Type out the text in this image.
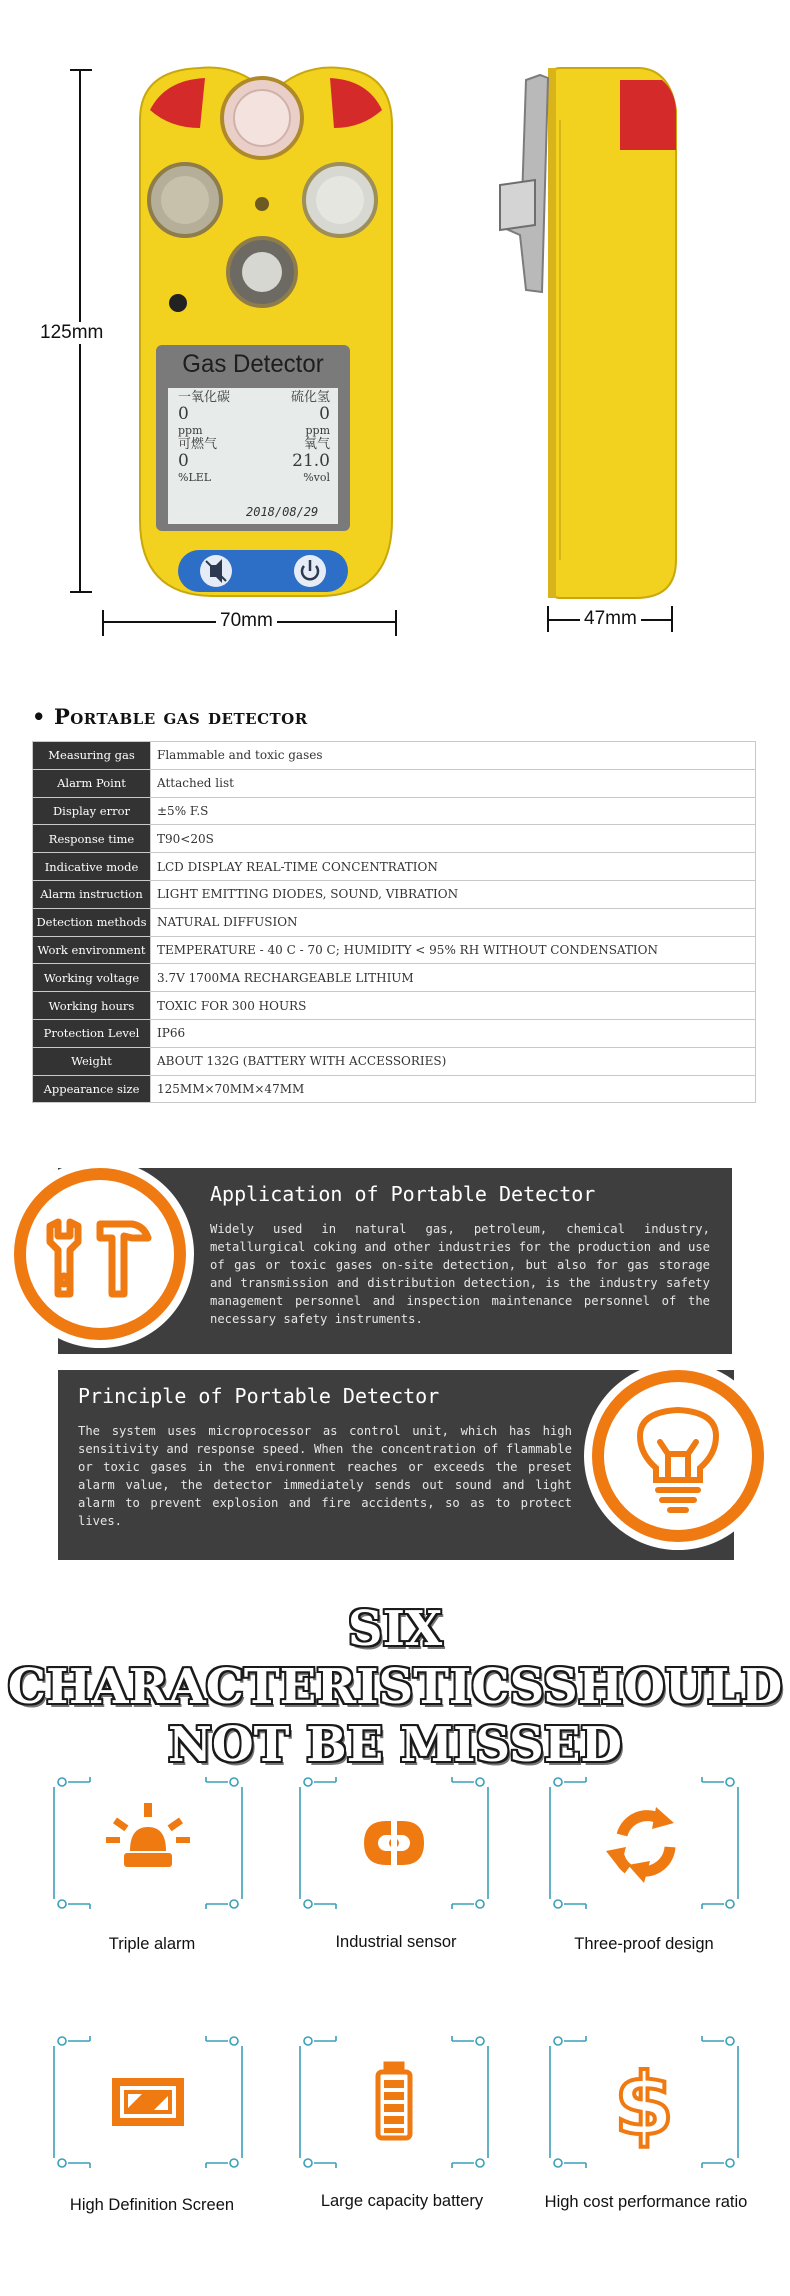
Gas Detector
一氧化碳	硫化氢
0	0
ppm	ppm
可燃气	氧气
0	21.0
%LEL	%vol
2018/08/29
125mm
70mm	47mm
• Portable gas detector
Measuring gas	Flammable and toxic gases
Alarm Point	Attached list
Display error	±5% F.S
Response time	T90<20S
Indicative mode	LCD DISPLAY REAL-TIME CONCENTRATION
Alarm instruction	LIGHT EMITTING DIODES, SOUND, VIBRATION
Detection methods	NATURAL DIFFUSION
Work environment	TEMPERATURE - 40 C - 70 C; HUMIDITY < 95% RH WITHOUT CONDENSATION
Working voltage	3.7V 1700MA RECHARGEABLE LITHIUM
Working hours	TOXIC FOR 300 HOURS
Protection Level	IP66
Weight	ABOUT 132G (BATTERY WITH ACCESSORIES)
Appearance size	125MM×70MM×47MM
Application of Portable Detector

Widely used in natural gas, petroleum, chemical industry, metallurgical coking and other industries for the production and use of gas or toxic gases on-site detection, but also for gas storage and transmission and distribution detection, is the industry safety management personnel and inspection maintenance personnel of the necessary safety instruments.

Principle of Portable Detector

The system uses microprocessor as control unit, which has high sensitivity and response speed. When the concentration of flammable or toxic gases in the environment reaches or exceeds the preset alarm value, the detector immediately sends out sound and light alarm to prevent explosion and fire accidents, so as to protect lives.

SIX CHARACTERISTICSSHOULD
NOT BE MISSED
Triple alarm	Industrial sensor	Three-proof design
High Definition Screen	Large capacity battery
$
High cost performance ratio
